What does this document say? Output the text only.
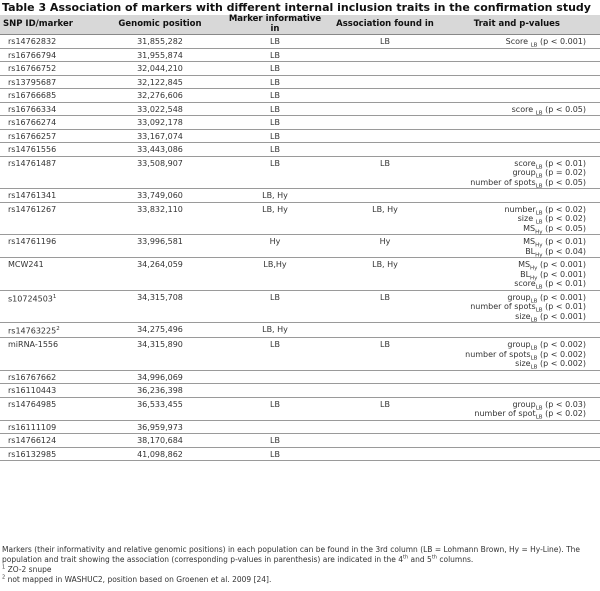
Table 3 Association of markers with different internal inclusion traits in the confirmation study
SNP ID/marker	Genomic position	Marker informative in	Association found in	Trait and p-values
rs14762832	31,855,282	LB	LB	Score $_{LB}$ (p < 0.001)

rs16766794	31,955,874	LB		
rs16766752	32,044,210	LB		
rs13795687	32,122,845	LB		
rs16766685	32,276,606	LB		
rs16766334	33,022,548	LB		score $_{LB}$ (p < 0.05)

rs16766274	33,092,178	LB		
rs16766257	33,167,074	LB		
rs14761556	33,443,086	LB		
rs14761487	33,508,907	LB	LB	score$_{LB}$ (p < 0.01)
group$_{LB}$ (p = 0.02)
number of spots$_{LB}$ (p < 0.05)

rs14761341	33,749,060	LB, Hy		
rs14761267	33,832,110	LB, Hy	LB, Hy	number$_{LB}$ (p < 0.02)
size $_{LB}$ (p < 0.02)
$MS_{Hy}$ (p < 0.05)

rs14761196	33,996,581	Hy	Hy	$MS_{Hy}$ (p < 0.01)
$BL_{Hy}$ (p < 0.04)

MCW241	34,264,059	LB,Hy	LB, Hy	$MS_{Hy}$ (p < 0.001)
$BL_{Hy}$ (p < 0.001)
score$_{LB}$ (p < 0.01)

s10724503$^1$	34,315,708	LB	LB	group$_{LB}$ (p < 0.001)
number of spots$_{LB}$ (p < 0.01)
size$_{LB}$ (p < 0.001)

rs14763225$^2$	34,275,496	LB, Hy		
miRNA-1556	34,315,890	LB	LB	group$_{LB}$ (p < 0.002)
number of spots$_{LB}$ (p < 0.002)
size$_{LB}$ (p < 0.002)

rs16767662	34,996,069			
rs16110443	36,236,398			
rs14764985	36,533,455	LB	LB	group$_{LB}$ (p < 0.03)
number of spot$_{LB}$ (p < 0.02)

rs16111109	36,959,973			
rs14766124	38,170,684	LB		
rs16132985	41,098,862	LB		

Markers (their informativity and relative genomic positions) in each population can be found in the 3rd column (LB = Lohmann Brown, Hy = Hy-Line). The population and trait showing the association (corresponding p-values in parenthesis) are indicated in the 4th and 5th columns.

$^1$ ZO-2 snupe

$^2$ not mapped in WASHUC2, position based on Groenen et al. 2009 [24].
